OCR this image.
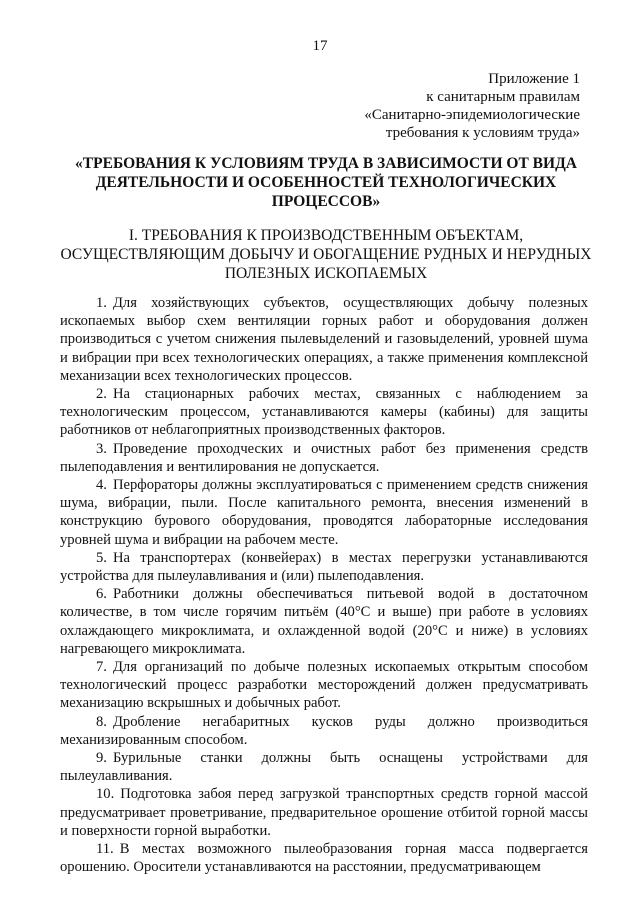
17
Приложение 1
к санитарным правилам
«Санитарно-эпидемиологические
требования к условиям труда»
«ТРЕБОВАНИЯ К УСЛОВИЯМ ТРУДА В ЗАВИСИМОСТИ ОТ ВИДА
ДЕЯТЕЛЬНОСТИ И ОСОБЕННОСТЕЙ ТЕХНОЛОГИЧЕСКИХ
ПРОЦЕССОВ»
I. ТРЕБОВАНИЯ К ПРОИЗВОДСТВЕННЫМ ОБЪЕКТАМ,
ОСУЩЕСТВЛЯЮЩИМ ДОБЫЧУ И ОБОГАЩЕНИЕ РУДНЫХ И НЕРУДНЫХ
ПОЛЕЗНЫХ ИСКОПАЕМЫХ

1. Для хозяйствующих субъектов, осуществляющих добычу полезных ископаемых выбор схем вентиляции горных работ и оборудования должен производиться с учетом снижения пылевыделений и газовыделений, уровней шума и вибрации при всех технологических операциях, а также применения комплексной механизации всех технологических процессов.

2. На стационарных рабочих местах, связанных с наблюдением за технологическим процессом, устанавливаются камеры (кабины) для защиты работников от неблагоприятных производственных факторов.

3. Проведение проходческих и очистных работ без применения средств пылеподавления и вентилирования не допускается.

4. Перфораторы должны эксплуатироваться с применением средств снижения шума, вибрации, пыли. После капитального ремонта, внесения изменений в конструкцию бурового оборудования, проводятся лабораторные исследования уровней шума и вибрации на рабочем месте.

5. На транспортерах (конвейерах) в местах перегрузки устанавливаются устройства для пылеулавливания и (или) пылеподавления.

6. Работники должны обеспечиваться питьевой водой в достаточном количестве, в том числе горячим питьём (40°С и выше) при работе в условиях охлаждающего микроклимата, и охлажденной водой (20°С и ниже) в условиях нагревающего микроклимата.

7. Для организаций по добыче полезных ископаемых открытым способом технологический процесс разработки месторождений должен предусматривать механизацию вскрышных и добычных работ.

8. Дробление негабаритных кусков руды должно производиться механизированным способом.

9. Бурильные станки должны быть оснащены устройствами для пылеулавливания.

10. Подготовка забоя перед загрузкой транспортных средств горной массой предусматривает проветривание, предварительное орошение отбитой горной массы и поверхности горной выработки.

11. В местах возможного пылеобразования горная масса подвергается орошению. Оросители устанавливаются на расстоянии, предусматривающем
